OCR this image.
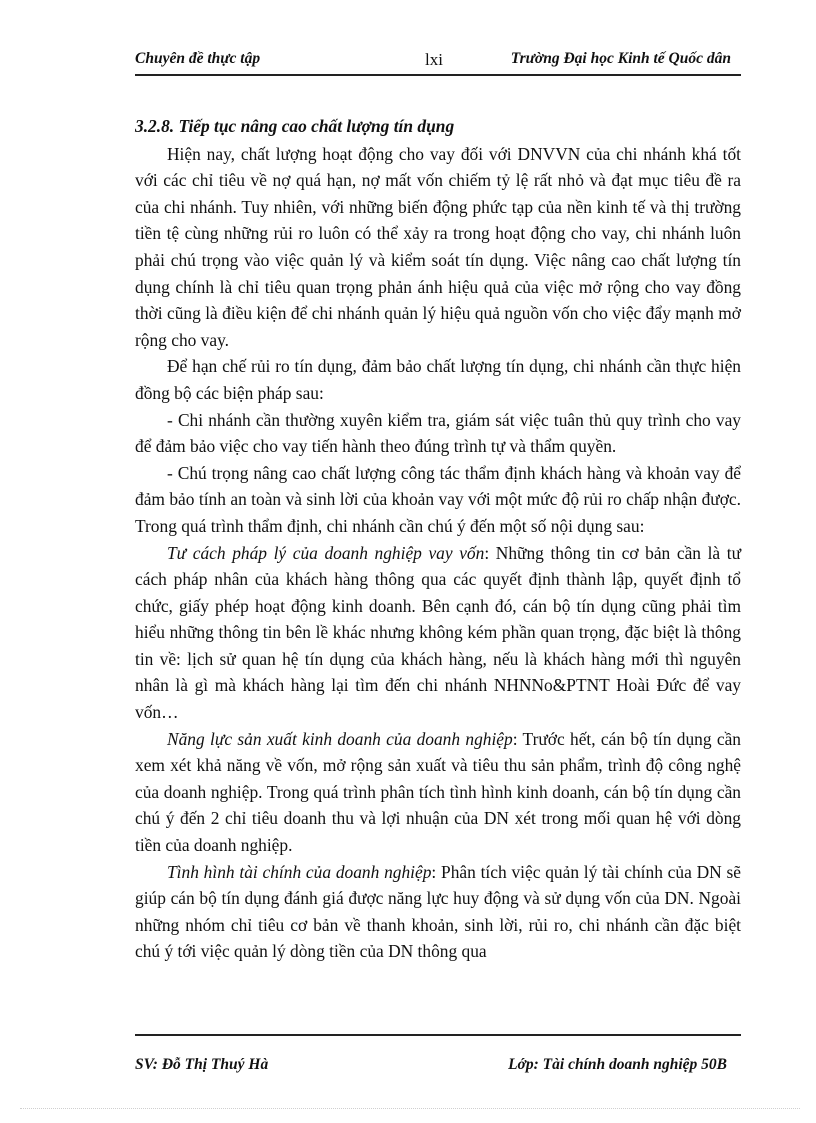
Chuyên đề thực tập	lxi	Trường Đại học Kinh tế Quốc dân
3.2.8. Tiếp tục nâng cao chất lượng tín dụng

Hiện nay, chất lượng hoạt động cho vay đối với DNVVN của chi nhánh khá tốt với các chỉ tiêu về nợ quá hạn, nợ mất vốn chiếm tỷ lệ rất nhỏ và đạt mục tiêu đề ra của chi nhánh. Tuy nhiên, với những biến động phức tạp của nền kinh tế và thị trường tiền tệ cùng những rủi ro luôn có thể xảy ra trong hoạt động cho vay, chi nhánh luôn phải chú trọng vào việc quản lý và kiểm soát tín dụng. Việc nâng cao chất lượng tín dụng chính là chỉ tiêu quan trọng phản ánh hiệu quả của việc mở rộng cho vay đồng thời cũng là điều kiện để chi nhánh quản lý hiệu quả nguồn vốn cho việc đẩy mạnh mở rộng cho vay.

Để hạn chế rủi ro tín dụng, đảm bảo chất lượng tín dụng, chi nhánh cần thực hiện đồng bộ các biện pháp sau:

- Chi nhánh cần thường xuyên kiểm tra, giám sát việc tuân thủ quy trình cho vay để đảm bảo việc cho vay tiến hành theo đúng trình tự và thẩm quyền.

- Chú trọng nâng cao chất lượng công tác thẩm định khách hàng và khoản vay để đảm bảo tính an toàn và sinh lời của khoản vay với một mức độ rủi ro chấp nhận được. Trong quá trình thẩm định, chi nhánh cần chú ý đến một số nội dụng sau:

Tư cách pháp lý của doanh nghiệp vay vốn: Những thông tin cơ bản cần là tư cách pháp nhân của khách hàng thông qua các quyết định thành lập, quyết định tổ chức, giấy phép hoạt động kinh doanh. Bên cạnh đó, cán bộ tín dụng cũng phải tìm hiểu những thông tin bên lề khác nhưng không kém phần quan trọng, đặc biệt là thông tin về: lịch sử quan hệ tín dụng của khách hàng, nếu là khách hàng mới thì nguyên nhân là gì mà khách hàng lại tìm đến chi nhánh NHNNo&PTNT Hoài Đức để vay vốn…

Năng lực sản xuất kinh doanh của doanh nghiệp: Trước hết, cán bộ tín dụng cần xem xét khả năng về vốn, mở rộng sản xuất và tiêu thu sản phẩm, trình độ công nghệ của doanh nghiệp. Trong quá trình phân tích tình hình kinh doanh, cán bộ tín dụng cần chú ý đến 2 chỉ tiêu doanh thu và lợi nhuận của DN xét trong mối quan hệ với dòng tiền của doanh nghiệp.

Tình hình tài chính của doanh nghiệp: Phân tích việc quản lý tài chính của DN sẽ giúp cán bộ tín dụng đánh giá được năng lực huy động và sử dụng vốn của DN. Ngoài những nhóm chỉ tiêu cơ bản về thanh khoản, sinh lời, rủi ro, chi nhánh cần đặc biệt chú ý tới việc quản lý dòng tiền của DN thông qua

SV: Đỗ Thị Thuý Hà	Lớp: Tài chính doanh nghiệp 50B
